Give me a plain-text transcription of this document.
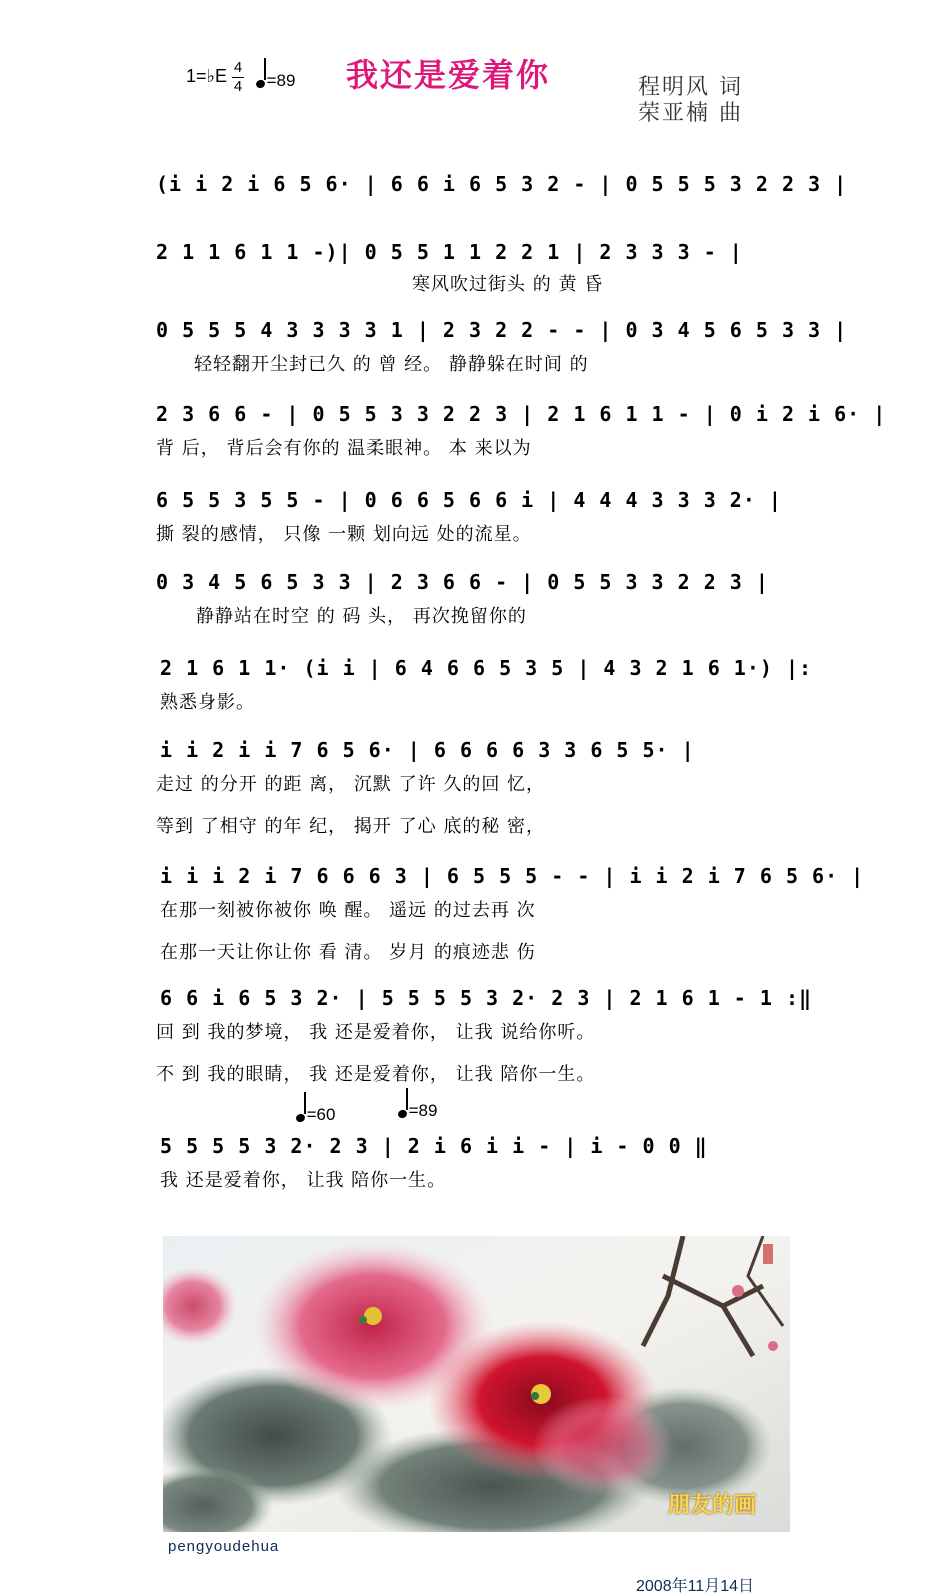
1=♭E 4
4	=89 我还是爱着你	程明风 词
荣亚楠 曲
(i i 2 i 6 5 6· | 6 6 i 6 5 3 2 - | 0 5 5 5 3 2 2 3 |
2 1 1 6 1 1 -)| 0 5 5 1 1 2 2 1 | 2 3 3 3 - |
寒风吹过街头 的 黄 昏
0 5 5 5 4 3 3 3 3 1 | 2 3 2 2 - - | 0 3 4 5 6 5 3 3 |
轻轻翻开尘封已久 的 曾 经。 静静躲在时间 的
2 3 6 6 - | 0 5 5 3 3 2 2 3 | 2 1 6 1 1 - | 0 i 2 i 6· |
背 后， 背后会有你的 温柔眼神。 本 来以为
6 5 5 3 5 5 - | 0 6 6 5 6 6 i | 4 4 4 3 3 3 2· |
撕 裂的感情， 只像 一颗 划向远 处的流星。
0 3 4 5 6 5 3 3 | 2 3 6 6 - | 0 5 5 3 3 2 2 3 |
静静站在时空 的 码 头， 再次挽留你的
2 1 6 1 1· (i i | 6 4 6 6 5 3 5 | 4 3 2 1 6 1·) |:
熟悉身影。
i i 2 i i 7 6 5 6· | 6 6 6 6 3 3 6 5 5· |
走过 的分开 的距 离， 沉默 了许 久的回 忆，
等到 了相守 的年 纪， 揭开 了心 底的秘 密，
i i i 2 i 7 6 6 6 3 | 6 5 5 5 - - | i i 2 i 7 6 5 6· |
在那一刻被你被你 唤 醒。 遥远 的过去再 次
在那一天让你让你 看 清。 岁月 的痕迹悲 伤
6 6 i 6 5 3 2· | 5 5 5 5 3 2· 2 3 | 2 1 6 1 - 1 :‖
回 到 我的梦境， 我 还是爱着你， 让我 说给你听。
不 到 我的眼睛， 我 还是爱着你， 让我 陪你一生。
=60	=89
5 5 5 5 3 2· 2 3 | 2 i 6 i i - | i - 0 0 ‖
我 还是爱着你， 让我 陪你一生。
朋友的画
pengyoudehua
2008年11月14日
